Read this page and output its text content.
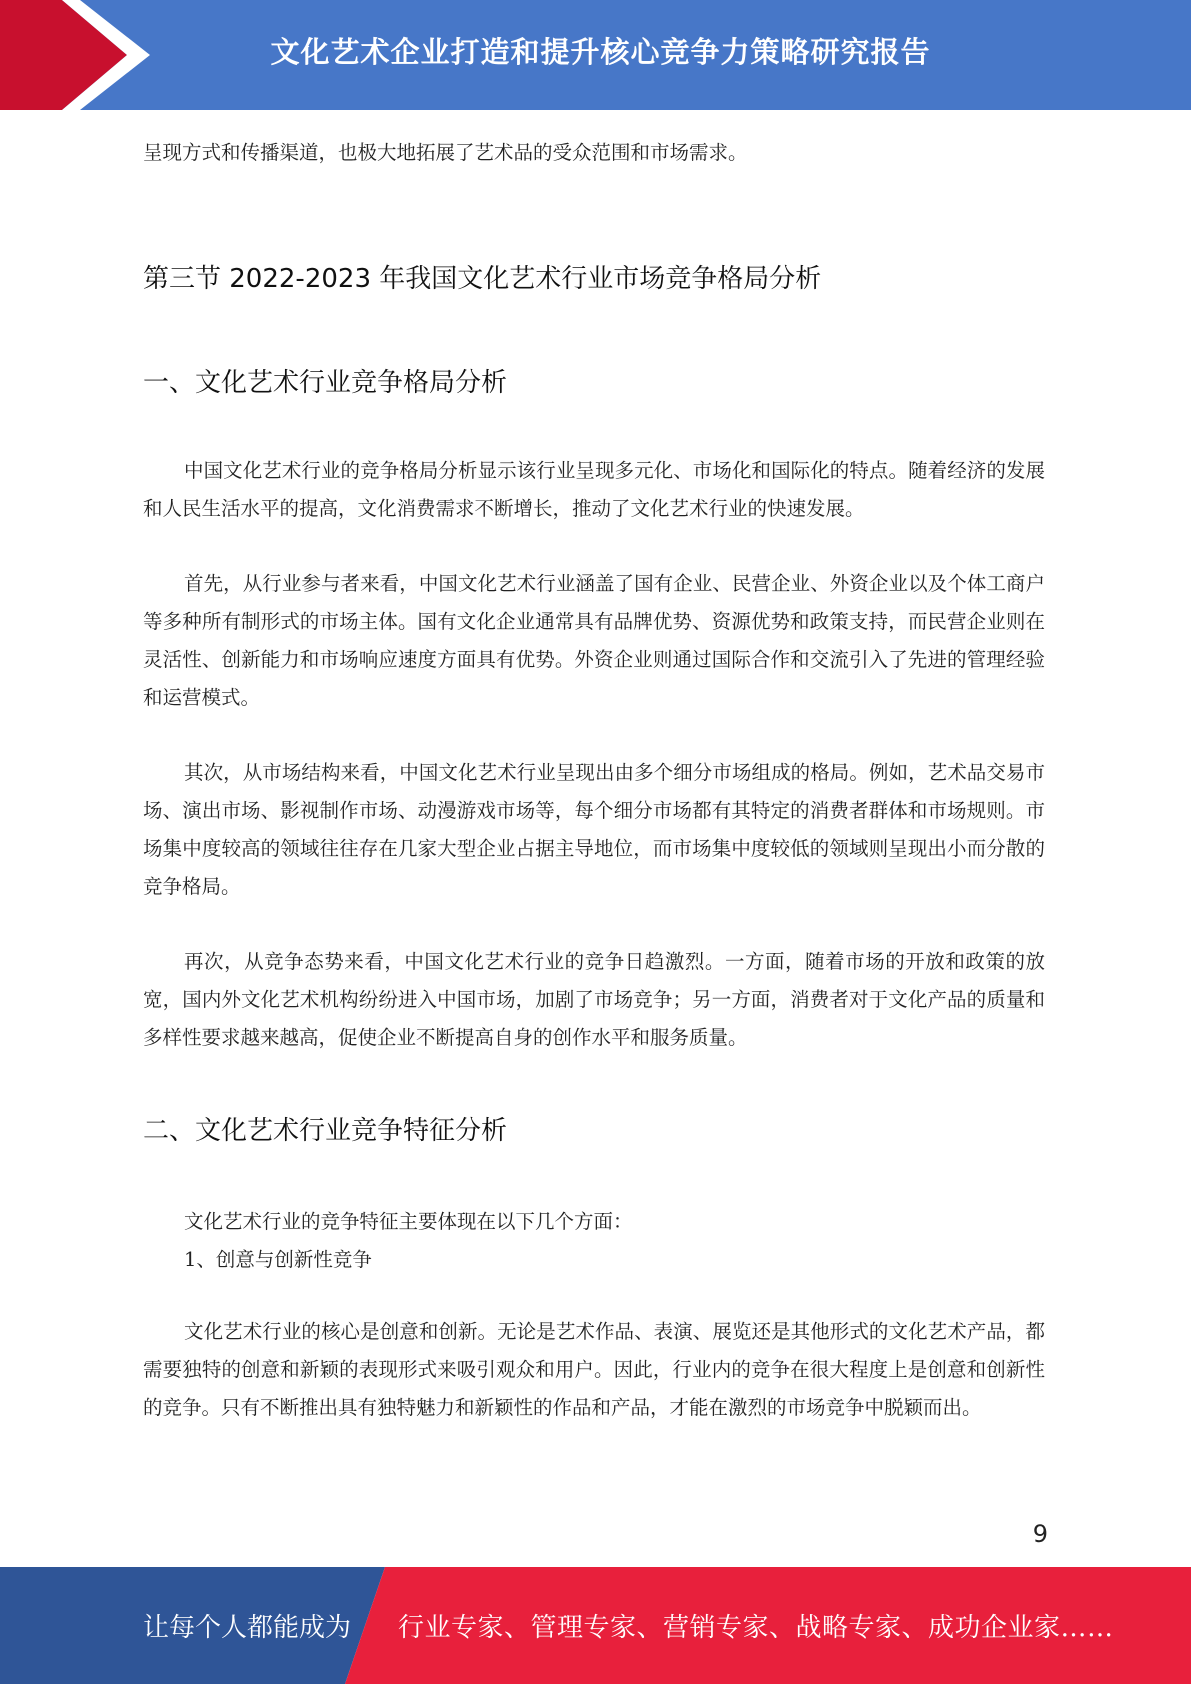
文化艺术企业打造和提升核心竞争力策略研究报告
呈现方式和传播渠道，也极大地拓展了艺术品的受众范围和市场需求。
第三节 2022-2023 年我国文化艺术行业市场竞争格局分析
一、文化艺术行业竞争格局分析
中国文化艺术行业的竞争格局分析显示该行业呈现多元化、市场化和国际化的特点。随着经济的发展和人民生活水平的提高，文化消费需求不断增长，推动了文化艺术行业的快速发展。
首先，从行业参与者来看，中国文化艺术行业涵盖了国有企业、民营企业、外资企业以及个体工商户等多种所有制形式的市场主体。国有文化企业通常具有品牌优势、资源优势和政策支持，而民营企业则在灵活性、创新能力和市场响应速度方面具有优势。外资企业则通过国际合作和交流引入了先进的管理经验和运营模式。
其次，从市场结构来看，中国文化艺术行业呈现出由多个细分市场组成的格局。例如，艺术品交易市场、演出市场、影视制作市场、动漫游戏市场等，每个细分市场都有其特定的消费者群体和市场规则。市场集中度较高的领域往往存在几家大型企业占据主导地位，而市场集中度较低的领域则呈现出小而分散的竞争格局。
再次，从竞争态势来看，中国文化艺术行业的竞争日趋激烈。一方面，随着市场的开放和政策的放宽，国内外文化艺术机构纷纷进入中国市场，加剧了市场竞争；另一方面，消费者对于文化产品的质量和多样性要求越来越高，促使企业不断提高自身的创作水平和服务质量。
二、文化艺术行业竞争特征分析
文化艺术行业的竞争特征主要体现在以下几个方面：
1、创意与创新性竞争
文化艺术行业的核心是创意和创新。无论是艺术作品、表演、展览还是其他形式的文化艺术产品，都需要独特的创意和新颖的表现形式来吸引观众和用户。因此，行业内的竞争在很大程度上是创意和创新性的竞争。只有不断推出具有独特魅力和新颖性的作品和产品，才能在激烈的市场竞争中脱颖而出。
9
让每个人都能成为 行业专家、管理专家、营销专家、战略专家、成功企业家……
